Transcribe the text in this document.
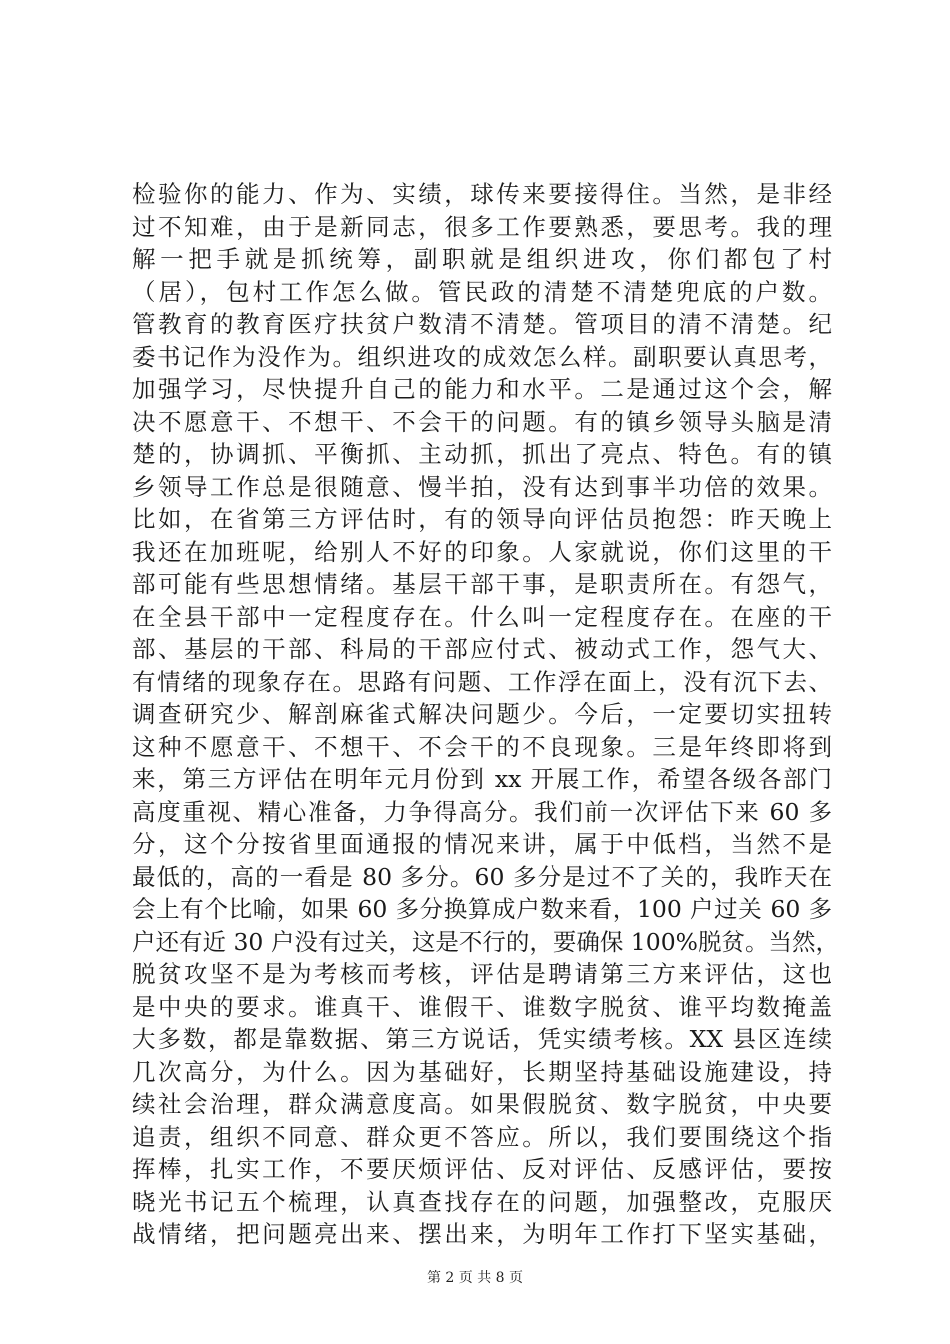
检验你的能力、作为、实绩，球传来要接得住。当然，是非经
过不知难，由于是新同志，很多工作要熟悉，要思考。我的理
解一把手就是抓统筹，副职就是组织进攻，你们都包了村
（居），包村工作怎么做。管民政的清楚不清楚兜底的户数。
管教育的教育医疗扶贫户数清不清楚。管项目的清不清楚。纪
委书记作为没作为。组织进攻的成效怎么样。副职要认真思考，
加强学习，尽快提升自己的能力和水平。二是通过这个会，解
决不愿意干、不想干、不会干的问题。有的镇乡领导头脑是清
楚的，协调抓、平衡抓、主动抓，抓出了亮点、特色。有的镇
乡领导工作总是很随意、慢半拍，没有达到事半功倍的效果。
比如，在省第三方评估时，有的领导向评估员抱怨：昨天晚上
我还在加班呢，给别人不好的印象。人家就说，你们这里的干
部可能有些思想情绪。基层干部干事，是职责所在。有怨气，
在全县干部中一定程度存在。什么叫一定程度存在。在座的干
部、基层的干部、科局的干部应付式、被动式工作，怨气大、
有情绪的现象存在。思路有问题、工作浮在面上，没有沉下去、
调查研究少、解剖麻雀式解决问题少。今后，一定要切实扭转
这种不愿意干、不想干、不会干的不良现象。三是年终即将到
来，第三方评估在明年元月份到 xx 开展工作，希望各级各部门
高度重视、精心准备，力争得高分。我们前一次评估下来 60 多
分，这个分按省里面通报的情况来讲，属于中低档，当然不是
最低的，高的一看是 80 多分。60 多分是过不了关的，我昨天在
会上有个比喻，如果 60 多分换算成户数来看，100 户过关 60 多
户还有近 30 户没有过关，这是不行的，要确保 100%脱贫。当然，
脱贫攻坚不是为考核而考核，评估是聘请第三方来评估，这也
是中央的要求。谁真干、谁假干、谁数字脱贫、谁平均数掩盖
大多数，都是靠数据、第三方说话，凭实绩考核。XX 县区连续
几次高分，为什么。因为基础好，长期坚持基础设施建设，持
续社会治理，群众满意度高。如果假脱贫、数字脱贫，中央要
追责，组织不同意、群众更不答应。所以，我们要围绕这个指
挥棒，扎实工作，不要厌烦评估、反对评估、反感评估，要按
晓光书记五个梳理，认真查找存在的问题，加强整改，克服厌
战情绪，把问题亮出来、摆出来，为明年工作打下坚实基础，
第 2 页 共 8 页
